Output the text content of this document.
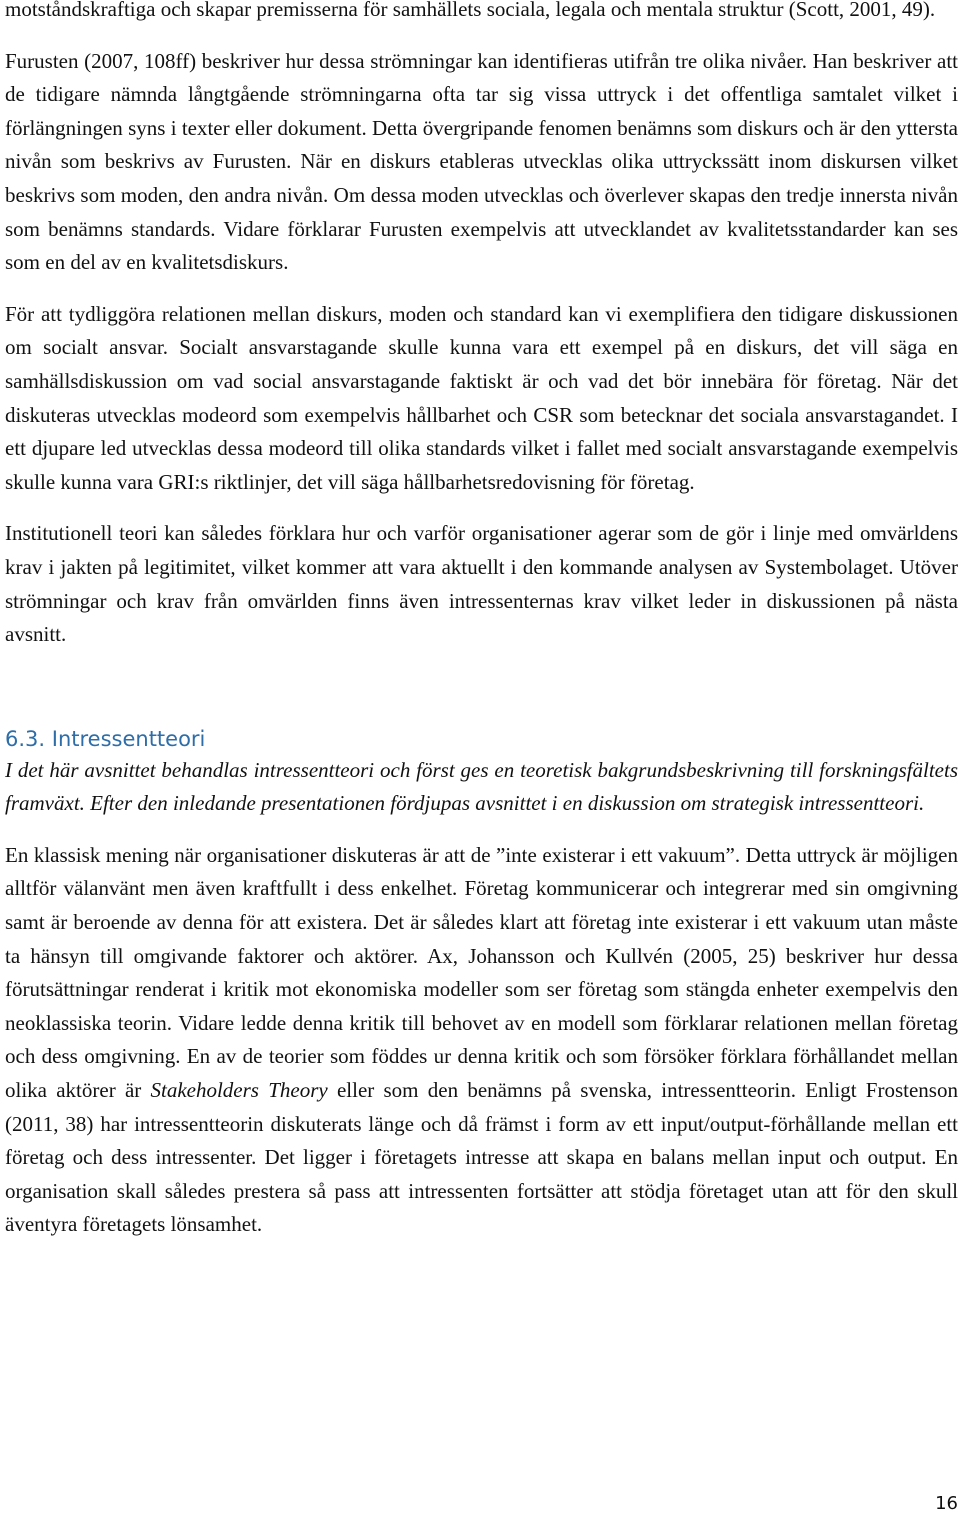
motståndskraftiga och skapar premisserna för samhällets sociala, legala och mentala struktur (Scott, 2001, 49).

Furusten (2007, 108ff) beskriver hur dessa strömningar kan identifieras utifrån tre olika nivåer. Han beskriver att de tidigare nämnda långtgående strömningarna ofta tar sig vissa uttryck i det offentliga samtalet vilket i förlängningen syns i texter eller dokument. Detta övergripande fenomen benämns som diskurs och är den yttersta nivån som beskrivs av Furusten. När en diskurs etableras utvecklas olika uttryckssätt inom diskursen vilket beskrivs som moden, den andra nivån. Om dessa moden utvecklas och överlever skapas den tredje innersta nivån som benämns standards. Vidare förklarar Furusten exempelvis att utvecklandet av kvalitetsstandarder kan ses som en del av en kvalitetsdiskurs.

För att tydliggöra relationen mellan diskurs, moden och standard kan vi exemplifiera den tidigare diskussionen om socialt ansvar. Socialt ansvarstagande skulle kunna vara ett exempel på en diskurs, det vill säga en samhällsdiskussion om vad social ansvarstagande faktiskt är och vad det bör innebära för företag. När det diskuteras utvecklas modeord som exempelvis hållbarhet och CSR som betecknar det sociala ansvarstagandet. I ett djupare led utvecklas dessa modeord till olika standards vilket i fallet med socialt ansvarstagande exempelvis skulle kunna vara GRI:s riktlinjer, det vill säga hållbarhetsredovisning för företag.

Institutionell teori kan således förklara hur och varför organisationer agerar som de gör i linje med omvärldens krav i jakten på legitimitet, vilket kommer att vara aktuellt i den kommande analysen av Systembolaget. Utöver strömningar och krav från omvärlden finns även intressenternas krav vilket leder in diskussionen på nästa avsnitt.

6.3. Intressentteori

I det här avsnittet behandlas intressentteori och först ges en teoretisk bakgrundsbeskrivning till forskningsfältets framväxt. Efter den inledande presentationen fördjupas avsnittet i en diskussion om strategisk intressentteori.

En klassisk mening när organisationer diskuteras är att de ”inte existerar i ett vakuum”. Detta uttryck är möjligen alltför välanvänt men även kraftfullt i dess enkelhet. Företag kommunicerar och integrerar med sin omgivning samt är beroende av denna för att existera. Det är således klart att företag inte existerar i ett vakuum utan måste ta hänsyn till omgivande faktorer och aktörer. Ax, Johansson och Kullvén (2005, 25) beskriver hur dessa förutsättningar renderat i kritik mot ekonomiska modeller som ser företag som stängda enheter exempelvis den neoklassiska teorin. Vidare ledde denna kritik till behovet av en modell som förklarar relationen mellan företag och dess omgivning. En av de teorier som föddes ur denna kritik och som försöker förklara förhållandet mellan olika aktörer är Stakeholders Theory eller som den benämns på svenska, intressentteorin. Enligt Frostenson (2011, 38) har intressentteorin diskuterats länge och då främst i form av ett input/output-förhållande mellan ett företag och dess intressenter. Det ligger i företagets intresse att skapa en balans mellan input och output. En organisation skall således prestera så pass att intressenten fortsätter att stödja företaget utan att för den skull äventyra företagets lönsamhet.

16
